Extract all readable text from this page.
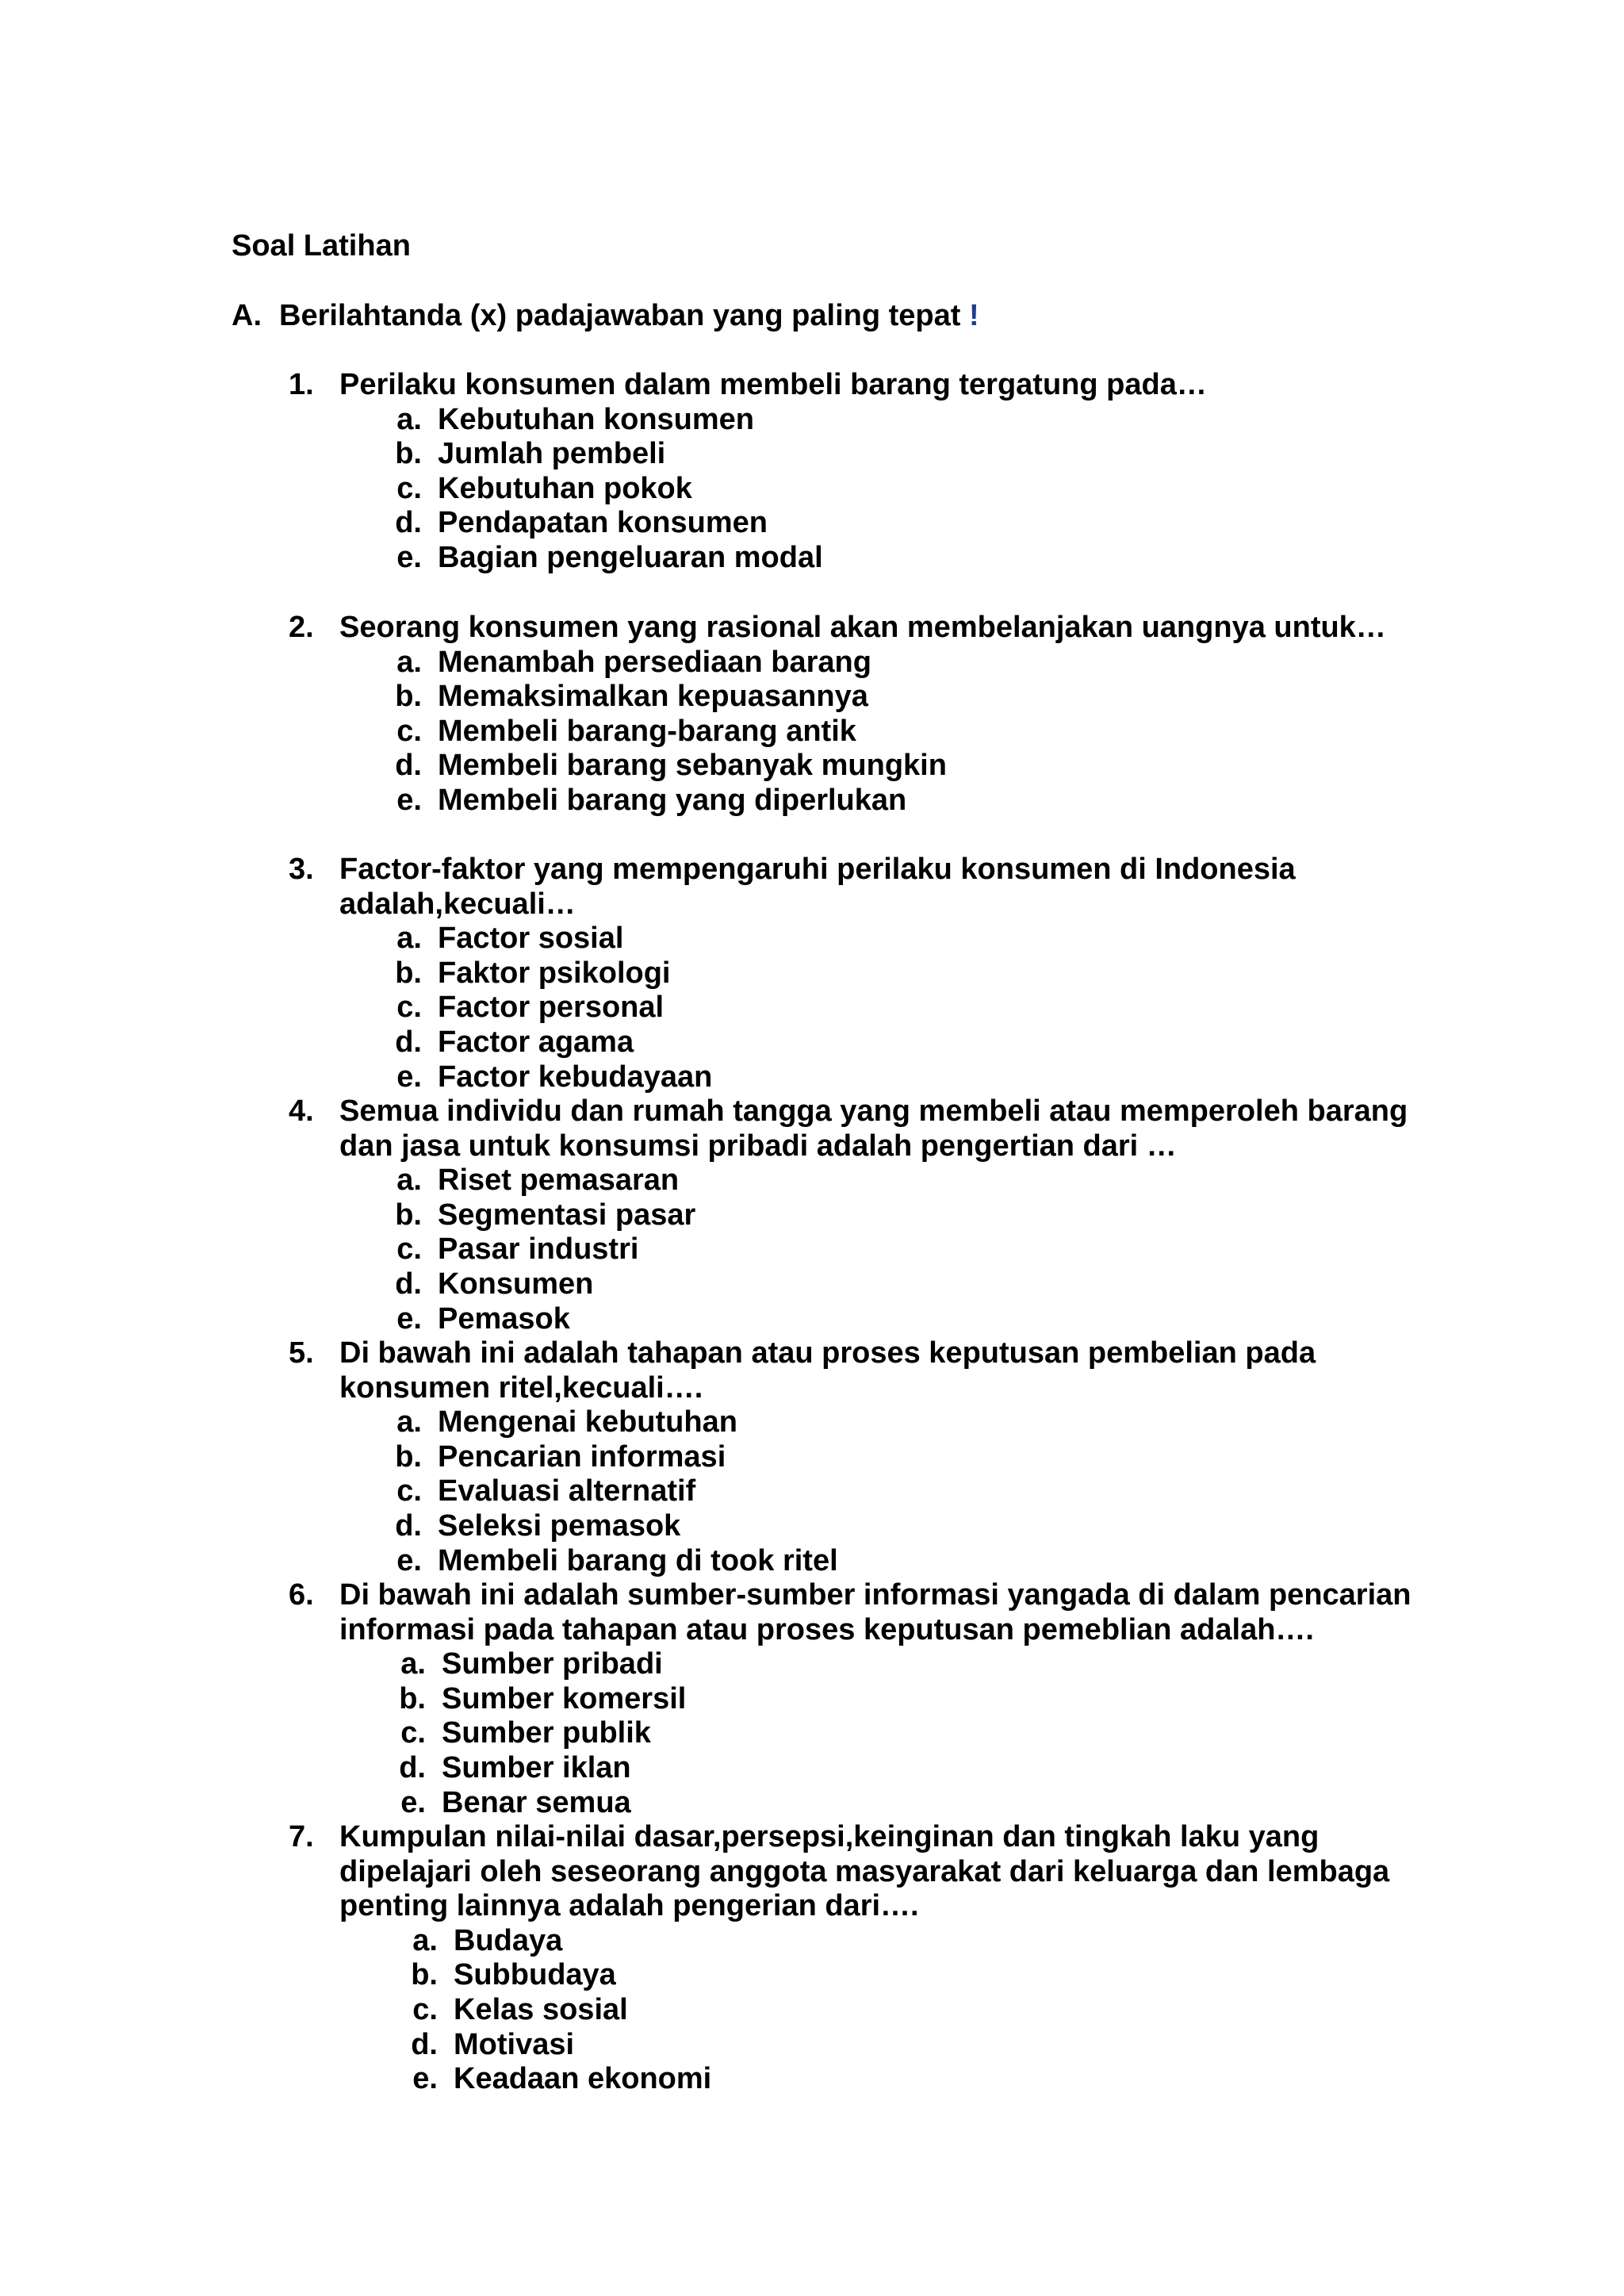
Soal Latihan
A. Berilahtanda (x) padajawaban yang paling tepat !
1. Perilaku konsumen dalam membeli barang tergatung pada…
a. Kebutuhan konsumen
b. Jumlah pembeli
c. Kebutuhan pokok
d. Pendapatan konsumen
e. Bagian pengeluaran modal
2. Seorang konsumen yang rasional akan membelanjakan uangnya untuk…
a. Menambah persediaan barang
b. Memaksimalkan kepuasannya
c. Membeli barang-barang antik
d. Membeli barang sebanyak mungkin
e. Membeli barang yang diperlukan
3. Factor-faktor yang mempengaruhi perilaku konsumen di Indonesia
adalah,kecuali…
a. Factor sosial
b. Faktor psikologi
c. Factor personal
d. Factor agama
e. Factor kebudayaan
4. Semua individu dan rumah tangga yang membeli atau memperoleh barang
dan jasa untuk konsumsi pribadi adalah pengertian dari …
a. Riset pemasaran
b. Segmentasi pasar
c. Pasar industri
d. Konsumen
e. Pemasok
5. Di bawah ini adalah tahapan atau proses keputusan pembelian pada
konsumen ritel,kecuali….
a. Mengenai kebutuhan
b. Pencarian informasi
c. Evaluasi alternatif
d. Seleksi pemasok
e. Membeli barang di took ritel
6. Di bawah ini adalah sumber-sumber informasi yangada di dalam pencarian
informasi pada tahapan atau proses keputusan pemeblian adalah….
a. Sumber pribadi
b. Sumber komersil
c. Sumber publik
d. Sumber iklan
e. Benar semua
7. Kumpulan nilai-nilai dasar,persepsi,keinginan dan tingkah laku yang
dipelajari oleh seseorang anggota masyarakat dari keluarga dan lembaga
penting lainnya adalah pengerian dari….
a. Budaya
b. Subbudaya
c. Kelas sosial
d. Motivasi
e. Keadaan ekonomi
